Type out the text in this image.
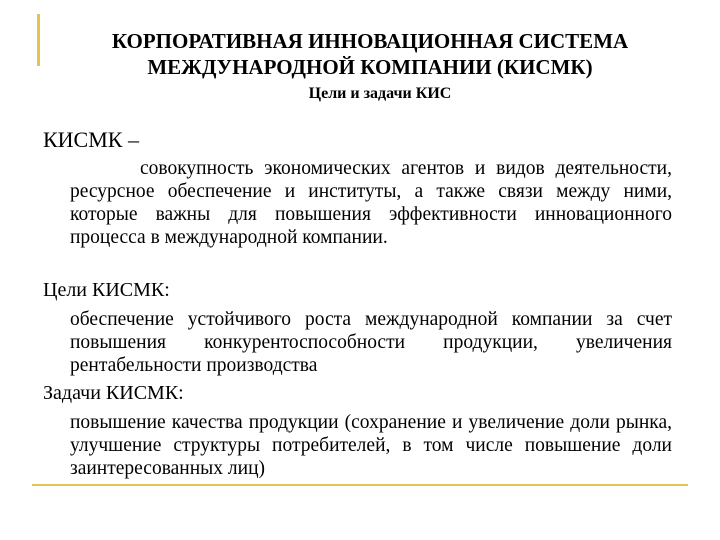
КОРПОРАТИВНАЯ ИННОВАЦИОННАЯ СИСТЕМА
МЕЖДУНАРОДНОЙ КОМПАНИИ (КИСМК)
Цели и задачи КИС
КИСМК –
совокупность экономических агентов и видов деятельности, ресурсное обеспечение и институты, а также связи между ними, которые важны для повышения эффективности инновационного процесса в международной компании.
Цели КИСМК:
обеспечение устойчивого роста международной компании за счет повышения конкурентоспособности продукции, увеличения рентабельности производства
Задачи КИСМК:
повышение качества продукции (сохранение и увеличение доли рынка, улучшение структуры потребителей, в том числе повышение доли заинтересованных лиц)
